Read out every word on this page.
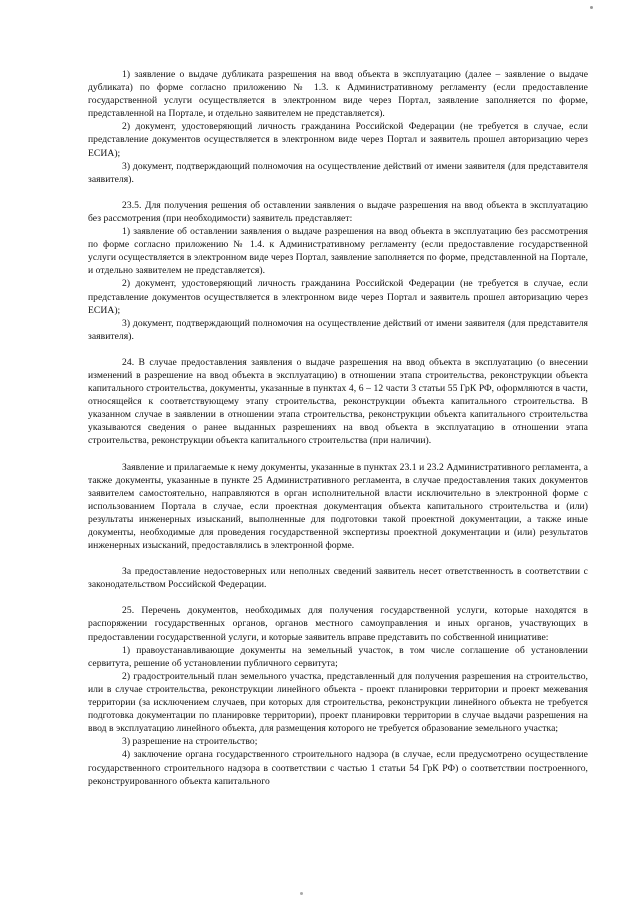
1) заявление о выдаче дубликата разрешения на ввод объекта в эксплуатацию (далее – заявление о выдаче дубликата) по форме согласно приложению № 1.3. к Административному регламенту (если предоставление государственной услуги осуществляется в электронном виде через Портал, заявление заполняется по форме, представленной на Портале, и отдельно заявителем не представляется).

2) документ, удостоверяющий личность гражданина Российской Федерации (не требуется в случае, если представление документов осуществляется в электронном виде через Портал и заявитель прошел авторизацию через ЕСИА);

3) документ, подтверждающий полномочия на осуществление действий от имени заявителя (для представителя заявителя).

23.5. Для получения решения об оставлении заявления о выдаче разрешения на ввод объекта в эксплуатацию без рассмотрения (при необходимости) заявитель представляет:

1) заявление об оставлении заявления о выдаче разрешения на ввод объекта в эксплуатацию без рассмотрения по форме согласно приложению № 1.4. к Административному регламенту (если предоставление государственной услуги осуществляется в электронном виде через Портал, заявление заполняется по форме, представленной на Портале, и отдельно заявителем не представляется).

2) документ, удостоверяющий личность гражданина Российской Федерации (не требуется в случае, если представление документов осуществляется в электронном виде через Портал и заявитель прошел авторизацию через ЕСИА);

3) документ, подтверждающий полномочия на осуществление действий от имени заявителя (для представителя заявителя).

24. В случае предоставления заявления о выдаче разрешения на ввод объекта в эксплуатацию (о внесении изменений в разрешение на ввод объекта в эксплуатацию) в отношении этапа строительства, реконструкции объекта капитального строительства, документы, указанные в пунктах 4, 6 – 12 части 3 статьи 55 ГрК РФ, оформляются в части, относящейся к соответствующему этапу строительства, реконструкции объекта капитального строительства. В указанном случае в заявлении в отношении этапа строительства, реконструкции объекта капитального строительства указываются сведения о ранее выданных разрешениях на ввод объекта в эксплуатацию в отношении этапа строительства, реконструкции объекта капитального строительства (при наличии).

Заявление и прилагаемые к нему документы, указанные в пунктах 23.1 и 23.2 Административного регламента, а также документы, указанные в пункте 25 Административного регламента, в случае предоставления таких документов заявителем самостоятельно, направляются в орган исполнительной власти исключительно в электронной форме с использованием Портала в случае, если проектная документация объекта капитального строительства и (или) результаты инженерных изысканий, выполненные для подготовки такой проектной документации, а также иные документы, необходимые для проведения государственной экспертизы проектной документации и (или) результатов инженерных изысканий, предоставлялись в электронной форме.

За предоставление недостоверных или неполных сведений заявитель несет ответственность в соответствии с законодательством Российской Федерации.

25. Перечень документов, необходимых для получения государственной услуги, которые находятся в распоряжении государственных органов, органов местного самоуправления и иных органов, участвующих в предоставлении государственной услуги, и которые заявитель вправе представить по собственной инициативе:

1) правоустанавливающие документы на земельный участок, в том числе соглашение об установлении сервитута, решение об установлении публичного сервитута;

2) градостроительный план земельного участка, представленный для получения разрешения на строительство, или в случае строительства, реконструкции линейного объекта - проект планировки территории и проект межевания территории (за исключением случаев, при которых для строительства, реконструкции линейного объекта не требуется подготовка документации по планировке территории), проект планировки территории в случае выдачи разрешения на ввод в эксплуатацию линейного объекта, для размещения которого не требуется образование земельного участка;

3) разрешение на строительство;

4) заключение органа государственного строительного надзора (в случае, если предусмотрено осуществление государственного строительного надзора в соответствии с частью 1 статьи 54 ГрК РФ) о соответствии построенного, реконструированного объекта капитального
